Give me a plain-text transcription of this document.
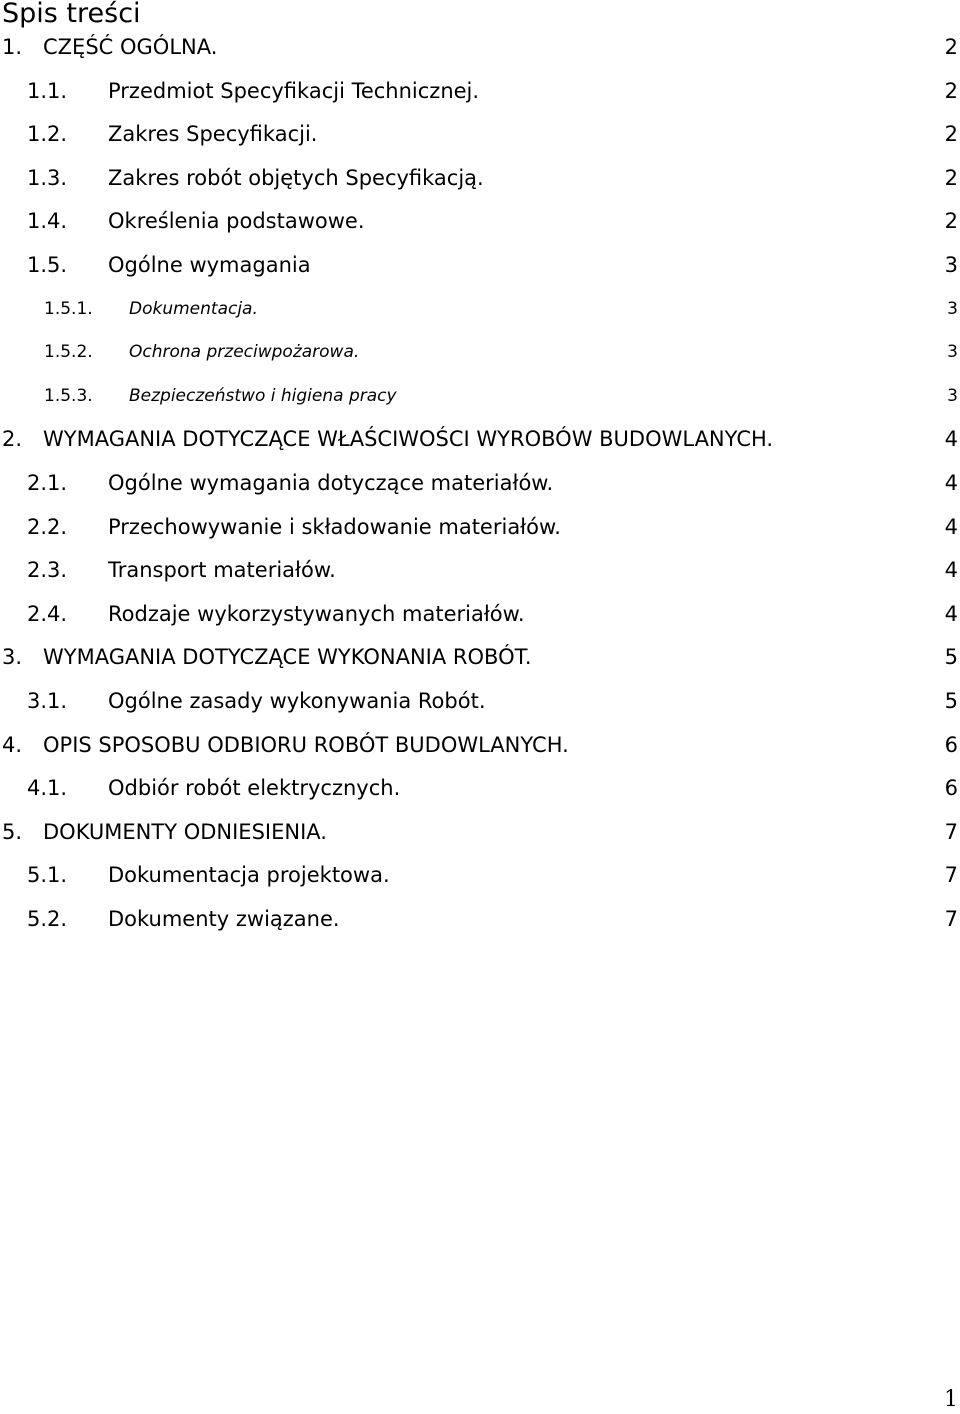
Spis treści
1. CZĘŚĆ OGÓLNA.	2
1.1. Przedmiot Specyfikacji Technicznej.	2
1.2. Zakres Specyfikacji.	2
1.3. Zakres robót objętych Specyfikacją.	2
1.4. Określenia podstawowe.	2
1.5. Ogólne wymagania	3
1.5.1. Dokumentacja.	3
1.5.2. Ochrona przeciwpożarowa.	3
1.5.3. Bezpieczeństwo i higiena pracy	3
2. WYMAGANIA DOTYCZĄCE WŁAŚCIWOŚCI WYROBÓW BUDOWLANYCH.	4
2.1. Ogólne wymagania dotyczące materiałów.	4
2.2. Przechowywanie i składowanie materiałów.	4
2.3. Transport materiałów.	4
2.4. Rodzaje wykorzystywanych materiałów.	4
3. WYMAGANIA DOTYCZĄCE WYKONANIA ROBÓT.	5
3.1. Ogólne zasady wykonywania Robót.	5
4. OPIS SPOSOBU ODBIORU ROBÓT BUDOWLANYCH.	6
4.1. Odbiór robót elektrycznych.	6
5. DOKUMENTY ODNIESIENIA.	7
5.1. Dokumentacja projektowa.	7
5.2. Dokumenty związane.	7
1
